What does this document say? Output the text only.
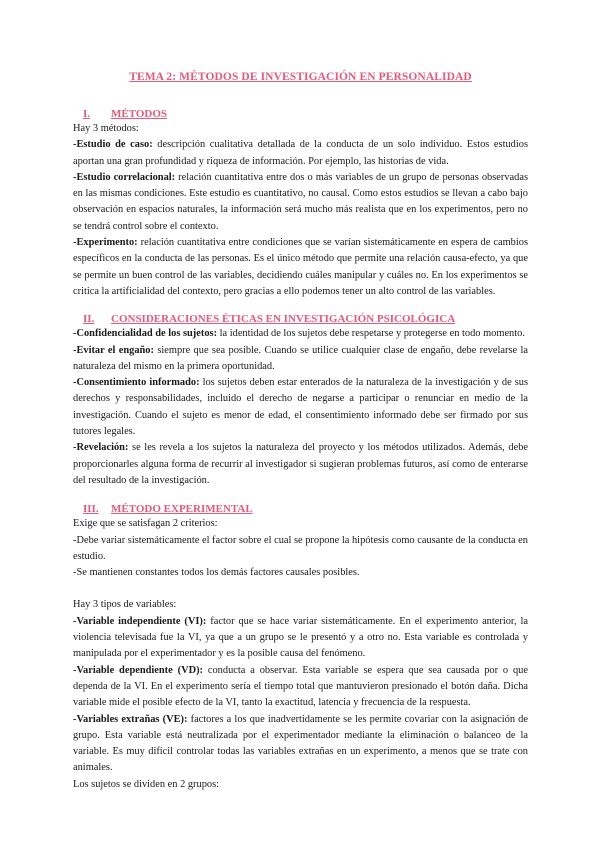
TEMA 2: MÉTODOS DE INVESTIGACIÓN EN PERSONALIDAD
I.	MÉTODOS

Hay 3 métodos:

-Estudio de caso: descripción cualitativa detallada de la conducta de un solo individuo. Estos estudios aportan una gran profundidad y riqueza de información. Por ejemplo, las historias de vida.

-Estudio correlacional: relación cuantitativa entre dos o más variables de un grupo de personas observadas en las mismas condiciones. Este estudio es cuantitativo, no causal. Como estos estudios se llevan a cabo bajo observación en espacios naturales, la información será mucho más realista que en los experimentos, pero no se tendrá control sobre el contexto.

-Experimento: relación cuantitativa entre condiciones que se varían sistemáticamente en espera de cambios específicos en la conducta de las personas. Es el único método que permite una relación causa-efecto, ya que se permite un buen control de las variables, decidiendo cuáles manipular y cuáles no. En los experimentos se critica la artificialidad del contexto, pero gracias a ello podemos tener un alto control de las variables.

II.	CONSIDERACIONES ÉTICAS EN INVESTIGACIÓN PSICOLÓGICA

-Confidencialidad de los sujetos: la identidad de los sujetos debe respetarse y protegerse en todo momento.

-Evitar el engaño: siempre que sea posible. Cuando se utilice cualquier clase de engaño, debe revelarse la naturaleza del mismo en la primera oportunidad.

-Consentimiento informado: los sujetos deben estar enterados de la naturaleza de la investigación y de sus derechos y responsabilidades, incluido el derecho de negarse a participar o renunciar en medio de la investigación. Cuando el sujeto es menor de edad, el consentimiento informado debe ser firmado por sus tutores legales.

-Revelación: se les revela a los sujetos la naturaleza del proyecto y los métodos utilizados. Además, debe proporcionarles alguna forma de recurrir al investigador si sugieran problemas futuros, así como de enterarse del resultado de la investigación.

III.	MÉTODO EXPERIMENTAL

Exige que se satisfagan 2 criterios:

-Debe variar sistemáticamente el factor sobre el cual se propone la hipótesis como causante de la conducta en estudio.

-Se mantienen constantes todos los demás factores causales posibles.

Hay 3 tipos de variables:

-Variable independiente (VI): factor que se hace variar sistemáticamente. En el experimento anterior, la violencia televisada fue la VI, ya que a un grupo se le presentó y a otro no. Esta variable es controlada y manipulada por el experimentador y es la posible causa del fenómeno.

-Variable dependiente (VD): conducta a observar. Esta variable se espera que sea causada por o que dependa de la VI. En el experimento sería el tiempo total que mantuvieron presionado el botón daña. Dicha variable mide el posible efecto de la VI, tanto la exactitud, latencia y frecuencia de la respuesta.

-Variables extrañas (VE): factores a los que inadvertidamente se les permite covariar con la asignación de grupo. Esta variable está neutralizada por el experimentador mediante la eliminación o balanceo de la variable. Es muy difícil controlar todas las variables extrañas en un experimento, a menos que se trate con animales.

Los sujetos se dividen en 2 grupos:
